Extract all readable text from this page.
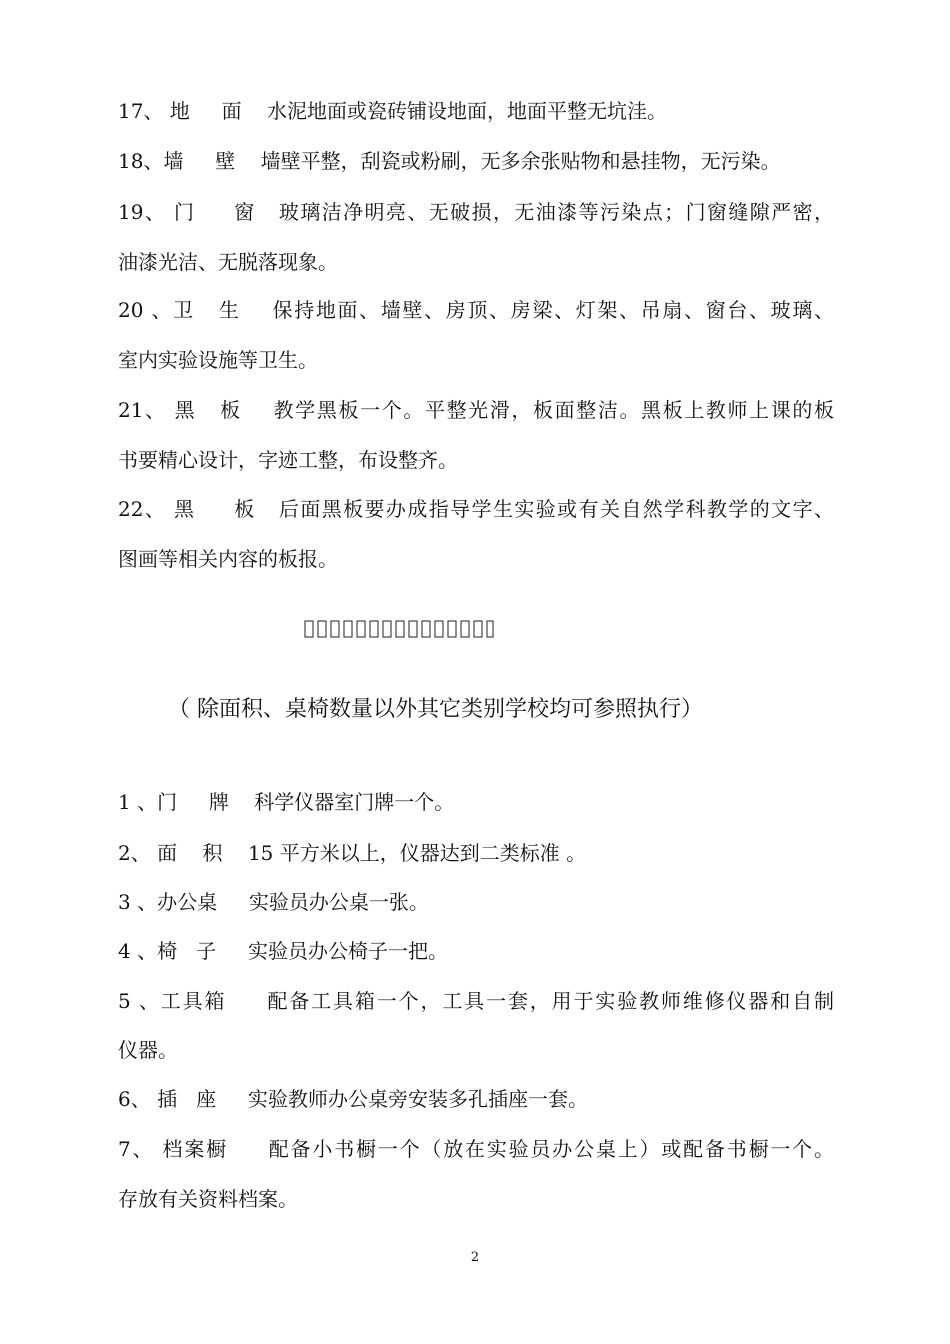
17、 地     面    水泥地面或瓷砖铺设地面，地面平整无坑洼。
18、墙     壁    墙壁平整，刮瓷或粉刷，无多余张贴物和悬挂物，无污染。
19、 门     窗   玻璃洁净明亮、无破损，无油漆等污染点；门窗缝隙严密，
油漆光洁、无脱落现象。
20 、卫   生    保持地面、墙壁、房顶、房梁、灯架、吊扇、窗台、玻璃、
室内实验设施等卫生。
21、 黑   板    教学黑板一个。平整光滑，板面整洁。黑板上教师上课的板
书要精心设计，字迹工整，布设整齐。
22、 黑     板   后面黑板要办成指导学生实验或有关自然学科教学的文字、
图画等相关内容的板报。
（ 除面积、桌椅数量以外其它类别学校均可参照执行）
1 、门     牌    科学仪器室门牌一个。
2、 面    积    15 平方米以上，仪器达到二类标准 。
3 、办公桌     实验员办公桌一张。
4 、椅   子     实验员办公椅子一把。
5 、工具箱     配备工具箱一个，工具一套，用于实验教师维修仪器和自制
仪器。
6、 插   座     实验教师办公桌旁安装多孔插座一套。
7、 档案橱     配备小书橱一个（放在实验员办公桌上）或配备书橱一个。
存放有关资料档案。
2
